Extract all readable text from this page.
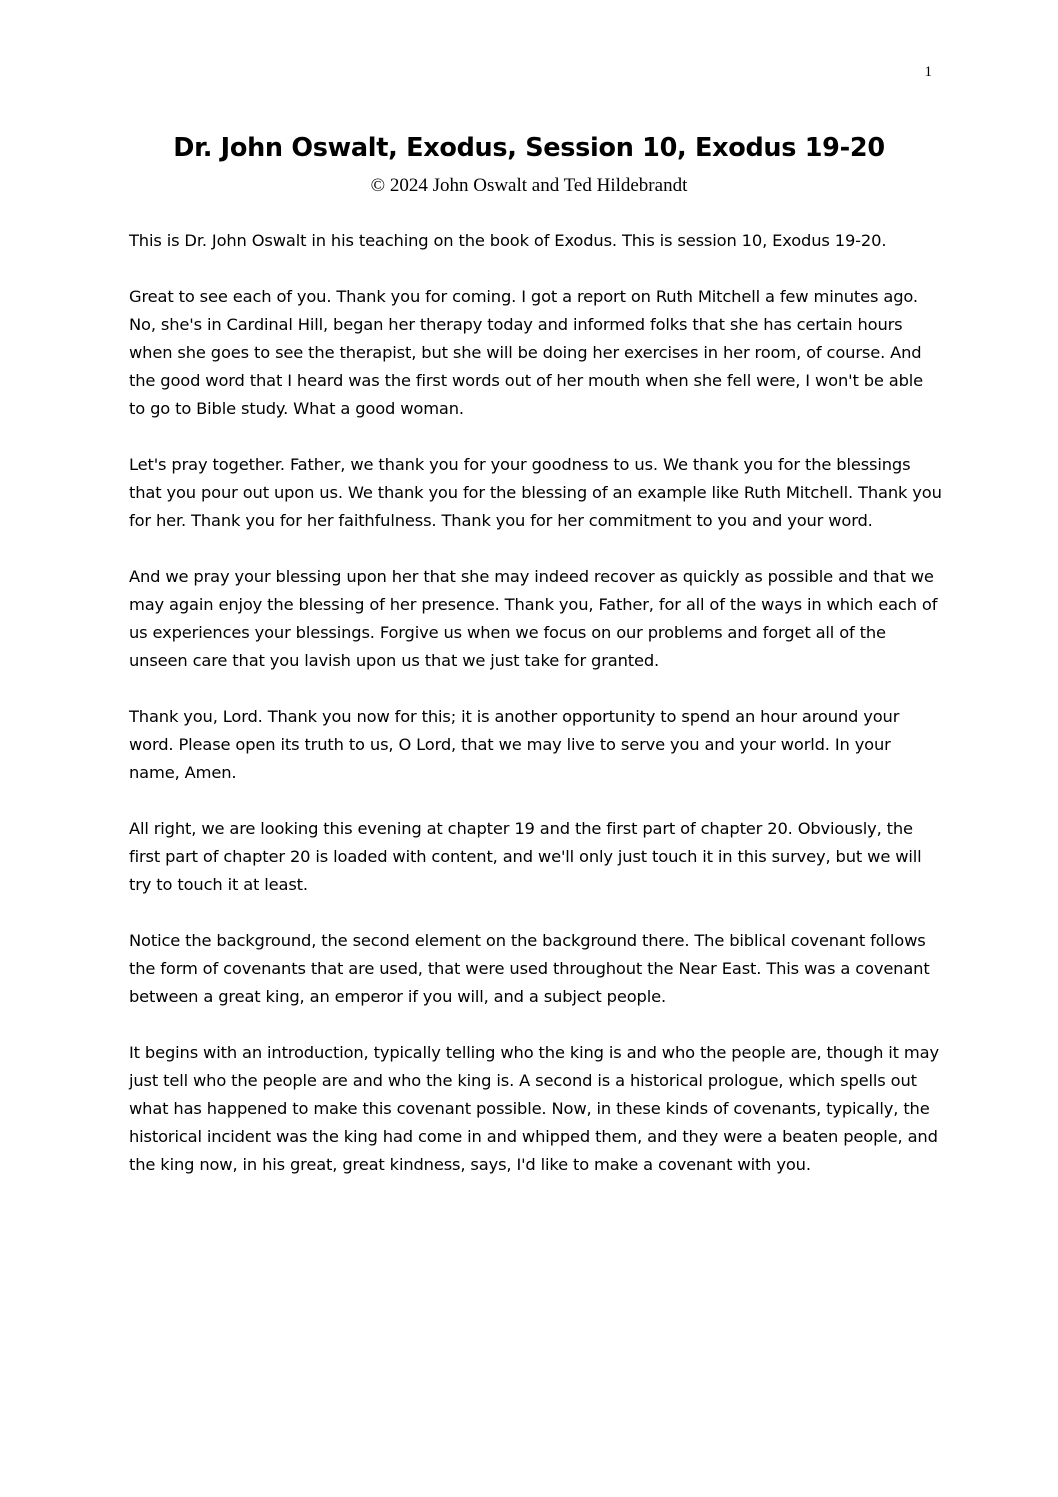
1
Dr. John Oswalt, Exodus, Session 10, Exodus 19-20
© 2024 John Oswalt and Ted Hildebrandt

This is Dr. John Oswalt in his teaching on the book of Exodus. This is session 10, Exodus 19-20.

Great to see each of you. Thank you for coming. I got a report on Ruth Mitchell a few minutes ago. No, she's in Cardinal Hill, began her therapy today and informed folks that she has certain hours when she goes to see the therapist, but she will be doing her exercises in her room, of course. And the good word that I heard was the first words out of her mouth when she fell were, I won't be able to go to Bible study. What a good woman.

Let's pray together. Father, we thank you for your goodness to us. We thank you for the blessings that you pour out upon us. We thank you for the blessing of an example like Ruth Mitchell. Thank you for her. Thank you for her faithfulness. Thank you for her commitment to you and your word.

And we pray your blessing upon her that she may indeed recover as quickly as possible and that we may again enjoy the blessing of her presence. Thank you, Father, for all of the ways in which each of us experiences your blessings. Forgive us when we focus on our problems and forget all of the unseen care that you lavish upon us that we just take for granted.

Thank you, Lord. Thank you now for this; it is another opportunity to spend an hour around your word. Please open its truth to us, O Lord, that we may live to serve you and your world. In your name, Amen.

All right, we are looking this evening at chapter 19 and the first part of chapter 20. Obviously, the first part of chapter 20 is loaded with content, and we'll only just touch it in this survey, but we will try to touch it at least.

Notice the background, the second element on the background there. The biblical covenant follows the form of covenants that are used, that were used throughout the Near East. This was a covenant between a great king, an emperor if you will, and a subject people.

It begins with an introduction, typically telling who the king is and who the people are, though it may just tell who the people are and who the king is. A second is a historical prologue, which spells out what has happened to make this covenant possible. Now, in these kinds of covenants, typically, the historical incident was the king had come in and whipped them, and they were a beaten people, and the king now, in his great, great kindness, says, I'd like to make a covenant with you.
